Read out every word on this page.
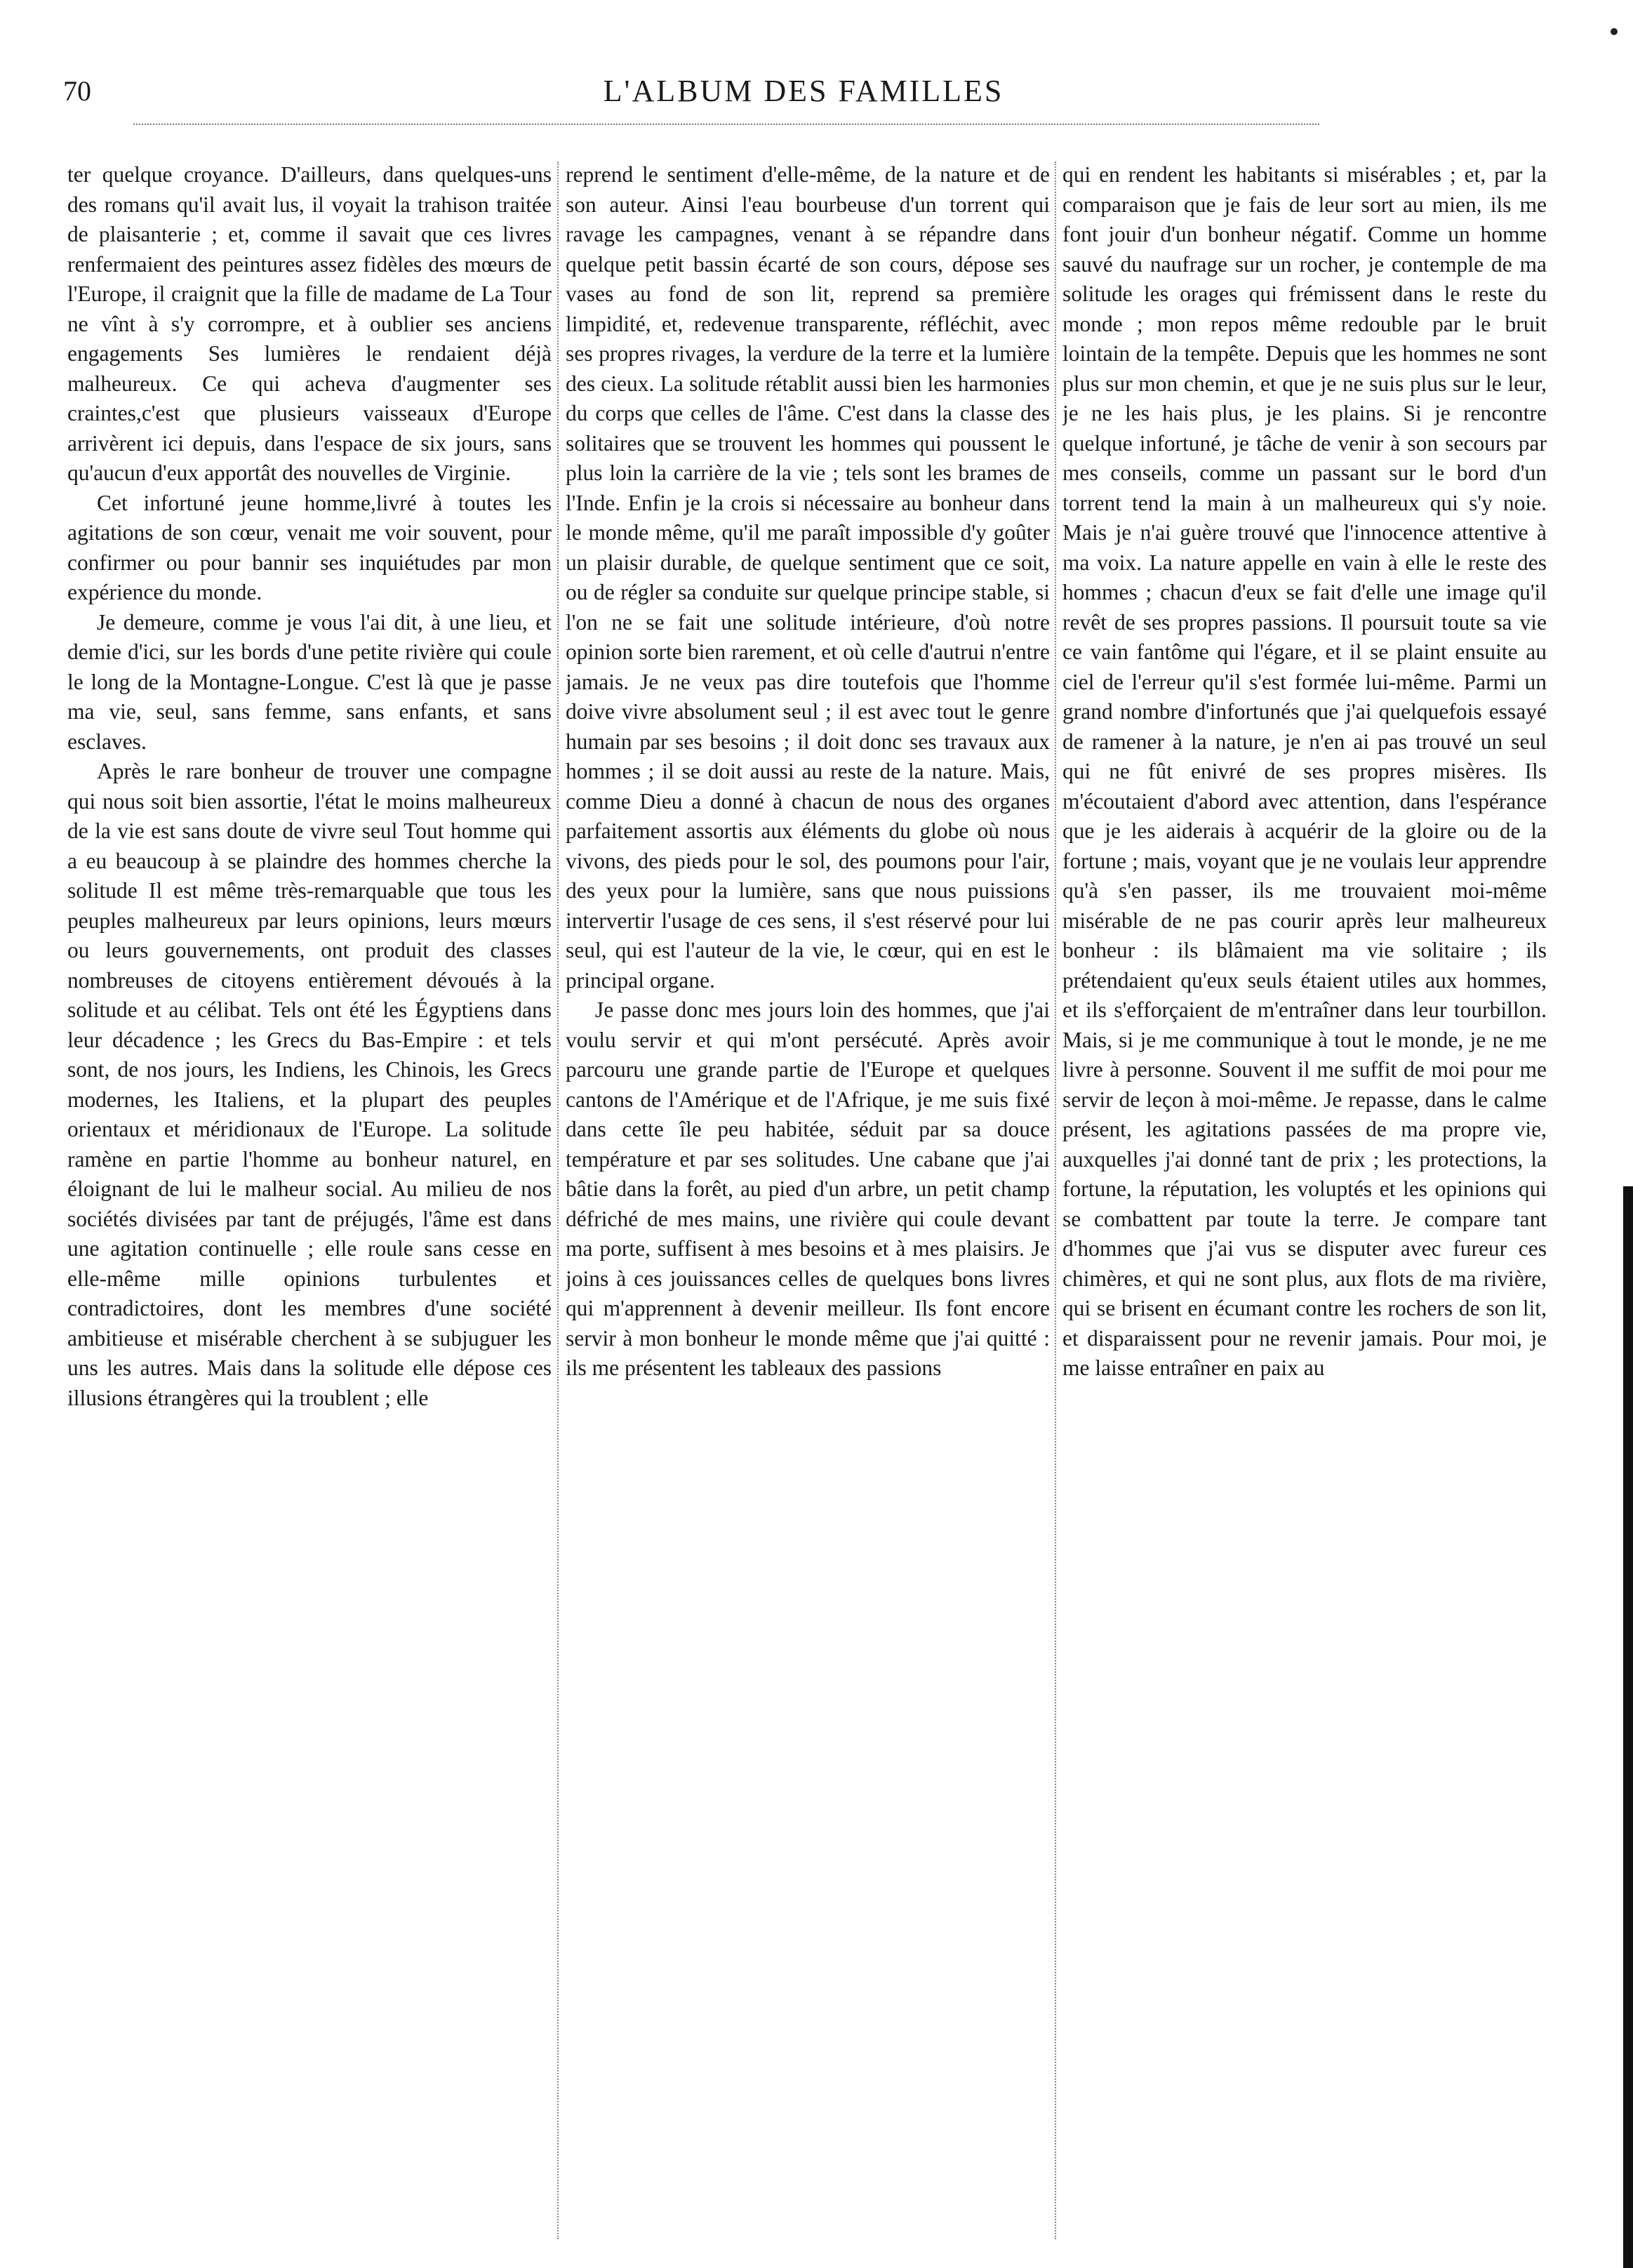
70	L'ALBUM DES FAMILLES

ter quelque croyance. D'ailleurs, dans quelques-uns des romans qu'il avait lus, il voyait la trahison traitée de plaisanterie ; et, comme il savait que ces livres renfermaient des peintures assez fidèles des mœurs de l'Europe, il craignit que la fille de madame de La Tour ne vînt à s'y corrompre, et à oublier ses anciens engagements Ses lumières le rendaient déjà malheureux. Ce qui acheva d'augmenter ses craintes,c'est que plusieurs vaisseaux d'Europe arrivèrent ici depuis, dans l'espace de six jours, sans qu'aucun d'eux apportât des nouvelles de Virginie.

Cet infortuné jeune homme,livré à toutes les agitations de son cœur, venait me voir souvent, pour confirmer ou pour bannir ses inquiétudes par mon expérience du monde.

Je demeure, comme je vous l'ai dit, à une lieu, et demie d'ici, sur les bords d'une petite rivière qui coule le long de la Montagne-Longue. C'est là que je passe ma vie, seul, sans femme, sans enfants, et sans esclaves.

Après le rare bonheur de trouver une compagne qui nous soit bien assortie, l'état le moins malheureux de la vie est sans doute de vivre seul Tout homme qui a eu beaucoup à se plaindre des hommes cherche la solitude Il est même très-remarquable que tous les peuples malheureux par leurs opinions, leurs mœurs ou leurs gouvernements, ont produit des classes nombreuses de citoyens entièrement dévoués à la solitude et au célibat. Tels ont été les Égyptiens dans leur décadence ; les Grecs du Bas-Empire : et tels sont, de nos jours, les Indiens, les Chinois, les Grecs modernes, les Italiens, et la plupart des peuples orientaux et méridionaux de l'Europe. La solitude ramène en partie l'homme au bonheur naturel, en éloignant de lui le malheur social. Au milieu de nos sociétés divisées par tant de préjugés, l'âme est dans une agitation continuelle ; elle roule sans cesse en elle-même mille opinions turbulentes et contradictoires, dont les membres d'une société ambitieuse et misérable cherchent à se subjuguer les uns les autres. Mais dans la solitude elle dépose ces illusions étrangères qui la troublent ; elle

reprend le sentiment d'elle-même, de la nature et de son auteur. Ainsi l'eau bourbeuse d'un torrent qui ravage les campagnes, venant à se répandre dans quelque petit bassin écarté de son cours, dépose ses vases au fond de son lit, reprend sa première limpidité, et, redevenue transparente, réfléchit, avec ses propres rivages, la verdure de la terre et la lumière des cieux. La solitude rétablit aussi bien les harmonies du corps que celles de l'âme. C'est dans la classe des solitaires que se trouvent les hommes qui poussent le plus loin la carrière de la vie ; tels sont les brames de l'Inde. Enfin je la crois si nécessaire au bonheur dans le monde même, qu'il me paraît impossible d'y goûter un plaisir durable, de quelque sentiment que ce soit, ou de régler sa conduite sur quelque principe stable, si l'on ne se fait une solitude intérieure, d'où notre opinion sorte bien rarement, et où celle d'autrui n'entre jamais. Je ne veux pas dire toutefois que l'homme doive vivre absolument seul ; il est avec tout le genre humain par ses besoins ; il doit donc ses travaux aux hommes ; il se doit aussi au reste de la nature. Mais, comme Dieu a donné à chacun de nous des organes parfaitement assortis aux éléments du globe où nous vivons, des pieds pour le sol, des poumons pour l'air, des yeux pour la lumière, sans que nous puissions intervertir l'usage de ces sens, il s'est réservé pour lui seul, qui est l'auteur de la vie, le cœur, qui en est le principal organe.

Je passe donc mes jours loin des hommes, que j'ai voulu servir et qui m'ont persécuté. Après avoir parcouru une grande partie de l'Europe et quelques cantons de l'Amérique et de l'Afrique, je me suis fixé dans cette île peu habitée, séduit par sa douce température et par ses solitudes. Une cabane que j'ai bâtie dans la forêt, au pied d'un arbre, un petit champ défriché de mes mains, une rivière qui coule devant ma porte, suffisent à mes besoins et à mes plaisirs. Je joins à ces jouissances celles de quelques bons livres qui m'apprennent à devenir meilleur. Ils font encore servir à mon bonheur le monde même que j'ai quitté : ils me présentent les tableaux des passions

qui en rendent les habitants si misérables ; et, par la comparaison que je fais de leur sort au mien, ils me font jouir d'un bonheur négatif. Comme un homme sauvé du naufrage sur un rocher, je contemple de ma solitude les orages qui frémissent dans le reste du monde ; mon repos même redouble par le bruit lointain de la tempête. Depuis que les hommes ne sont plus sur mon chemin, et que je ne suis plus sur le leur, je ne les hais plus, je les plains. Si je rencontre quelque infortuné, je tâche de venir à son secours par mes conseils, comme un passant sur le bord d'un torrent tend la main à un malheureux qui s'y noie. Mais je n'ai guère trouvé que l'innocence attentive à ma voix. La nature appelle en vain à elle le reste des hommes ; chacun d'eux se fait d'elle une image qu'il revêt de ses propres passions. Il poursuit toute sa vie ce vain fantôme qui l'égare, et il se plaint ensuite au ciel de l'erreur qu'il s'est formée lui-même. Parmi un grand nombre d'infortunés que j'ai quelquefois essayé de ramener à la nature, je n'en ai pas trouvé un seul qui ne fût enivré de ses propres misères. Ils m'écoutaient d'abord avec attention, dans l'espérance que je les aiderais à acquérir de la gloire ou de la fortune ; mais, voyant que je ne voulais leur apprendre qu'à s'en passer, ils me trouvaient moi-même misérable de ne pas courir après leur malheureux bonheur : ils blâmaient ma vie solitaire ; ils prétendaient qu'eux seuls étaient utiles aux hommes, et ils s'efforçaient de m'entraîner dans leur tourbillon. Mais, si je me communique à tout le monde, je ne me livre à personne. Souvent il me suffit de moi pour me servir de leçon à moi-même. Je repasse, dans le calme présent, les agitations passées de ma propre vie, auxquelles j'ai donné tant de prix ; les protections, la fortune, la réputation, les voluptés et les opinions qui se combattent par toute la terre. Je compare tant d'hommes que j'ai vus se disputer avec fureur ces chimères, et qui ne sont plus, aux flots de ma rivière, qui se brisent en écumant contre les rochers de son lit, et disparaissent pour ne revenir jamais. Pour moi, je me laisse entraîner en paix au
